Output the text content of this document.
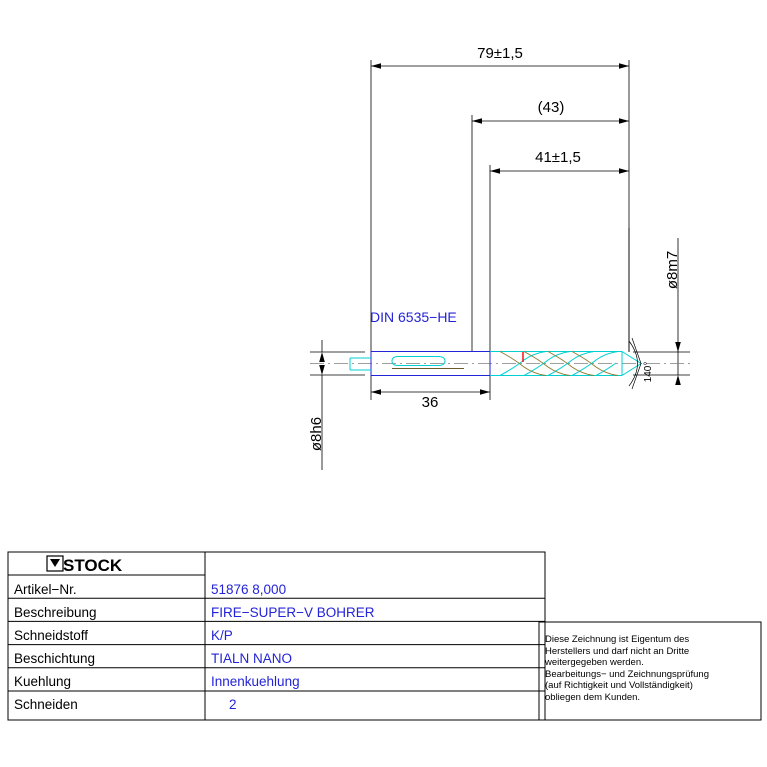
79±1,5
(43)
41±1,5
36
ø8m7
ø8h6
140°
DIN 6535−HE
STOCK
Artikel−Nr.	51876 8,000
Beschreibung	FIRE−SUPER−V BOHRER
Schneidstoff	K/P
Beschichtung	TIALN NANO
Kuehlung	Innenkuehlung
Schneiden	2
Diese Zeichnung ist Eigentum des
Herstellers und darf nicht an Dritte
weitergegeben werden.
Bearbeitungs− und Zeichnungsprüfung
(auf Richtigkeit und Vollständigkeit)
obliegen dem Kunden.
